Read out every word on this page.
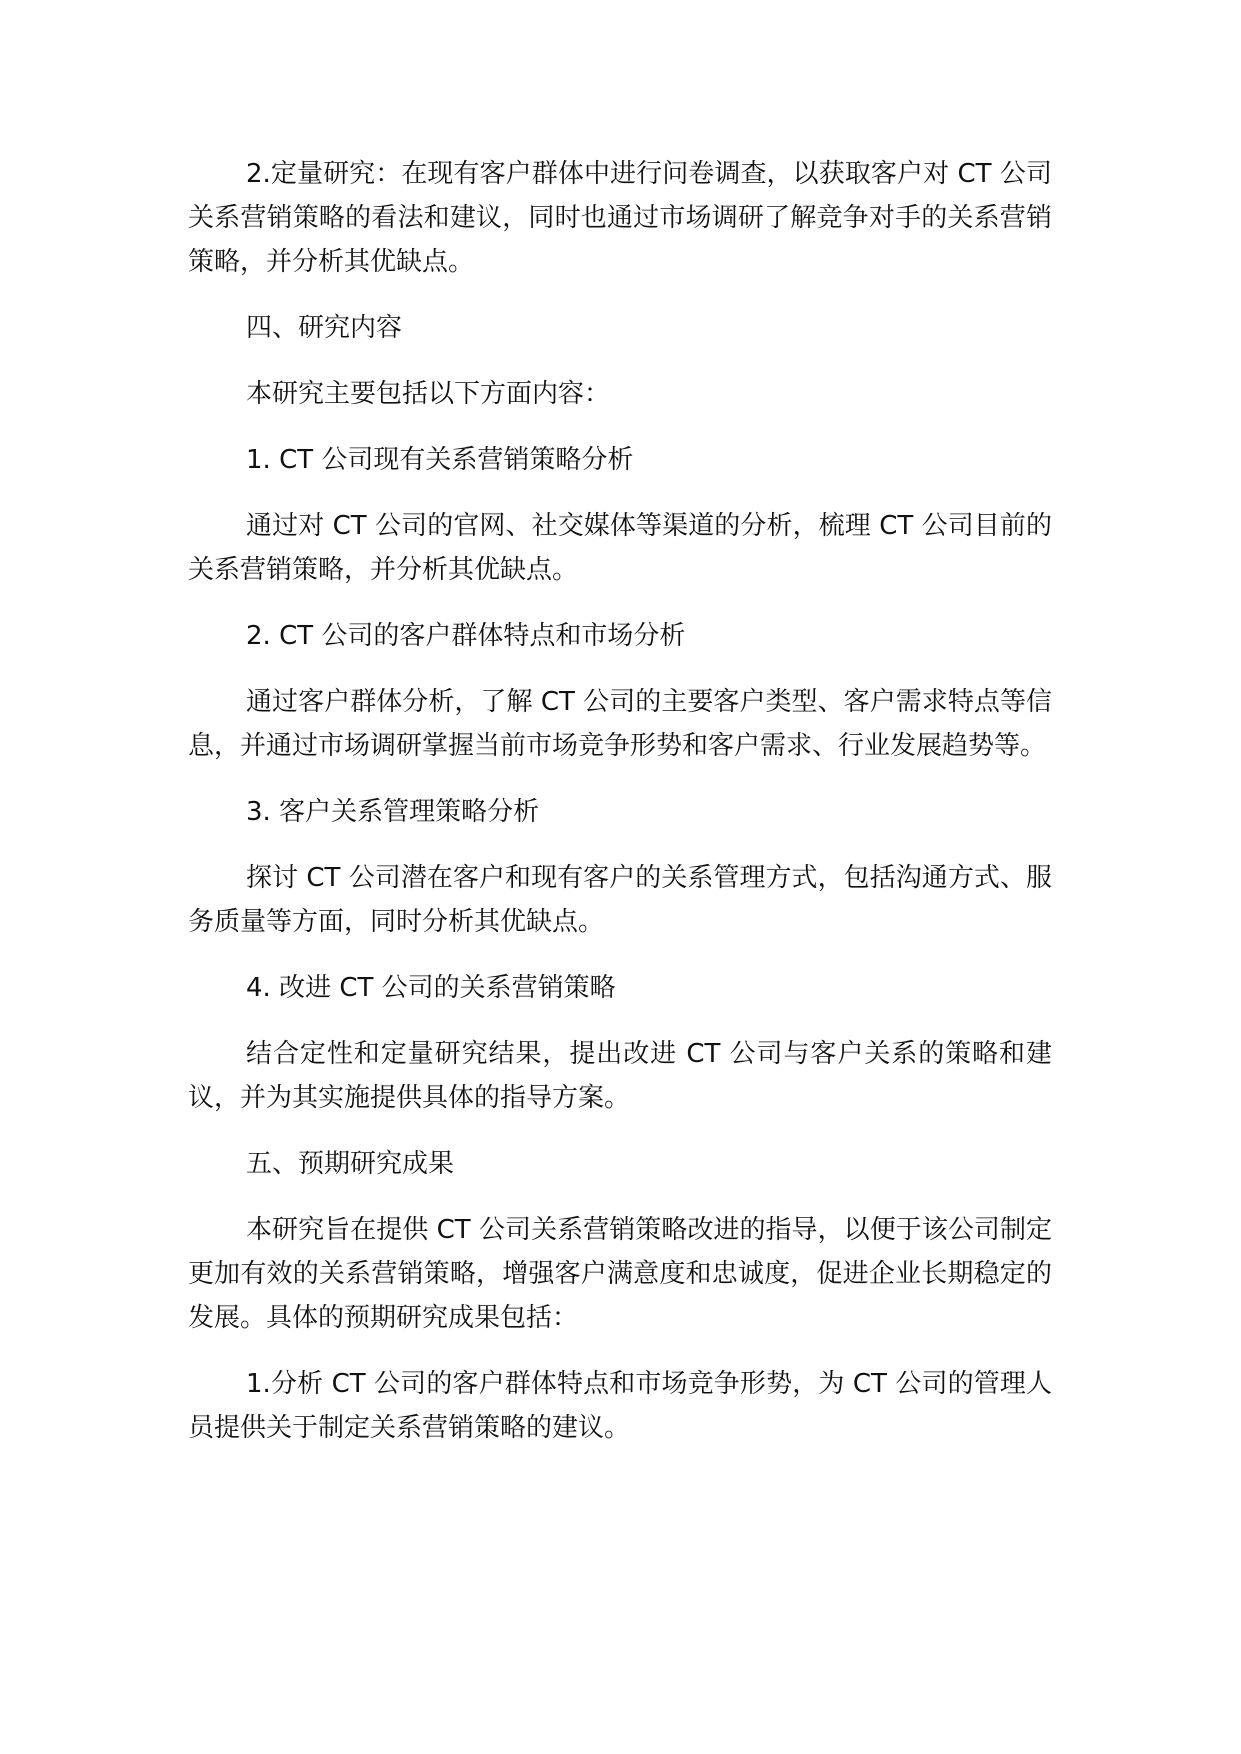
2.定量研究：在现有客户群体中进行问卷调查，以获取客户对 CT 公司关系营销策略的看法和建议，同时也通过市场调研了解竞争对手的关系营销策略，并分析其优缺点。

四、研究内容

本研究主要包括以下方面内容：

1. CT 公司现有关系营销策略分析

通过对 CT 公司的官网、社交媒体等渠道的分析，梳理 CT 公司目前的关系营销策略，并分析其优缺点。

2. CT 公司的客户群体特点和市场分析

通过客户群体分析，了解 CT 公司的主要客户类型、客户需求特点等信息，并通过市场调研掌握当前市场竞争形势和客户需求、行业发展趋势等。

3. 客户关系管理策略分析

探讨 CT 公司潜在客户和现有客户的关系管理方式，包括沟通方式、服务质量等方面，同时分析其优缺点。

4. 改进 CT 公司的关系营销策略

结合定性和定量研究结果，提出改进 CT 公司与客户关系的策略和建议，并为其实施提供具体的指导方案。

五、预期研究成果

本研究旨在提供 CT 公司关系营销策略改进的指导，以便于该公司制定更加有效的关系营销策略，增强客户满意度和忠诚度，促进企业长期稳定的发展。具体的预期研究成果包括：

1.分析 CT 公司的客户群体特点和市场竞争形势，为 CT 公司的管理人员提供关于制定关系营销策略的建议。
